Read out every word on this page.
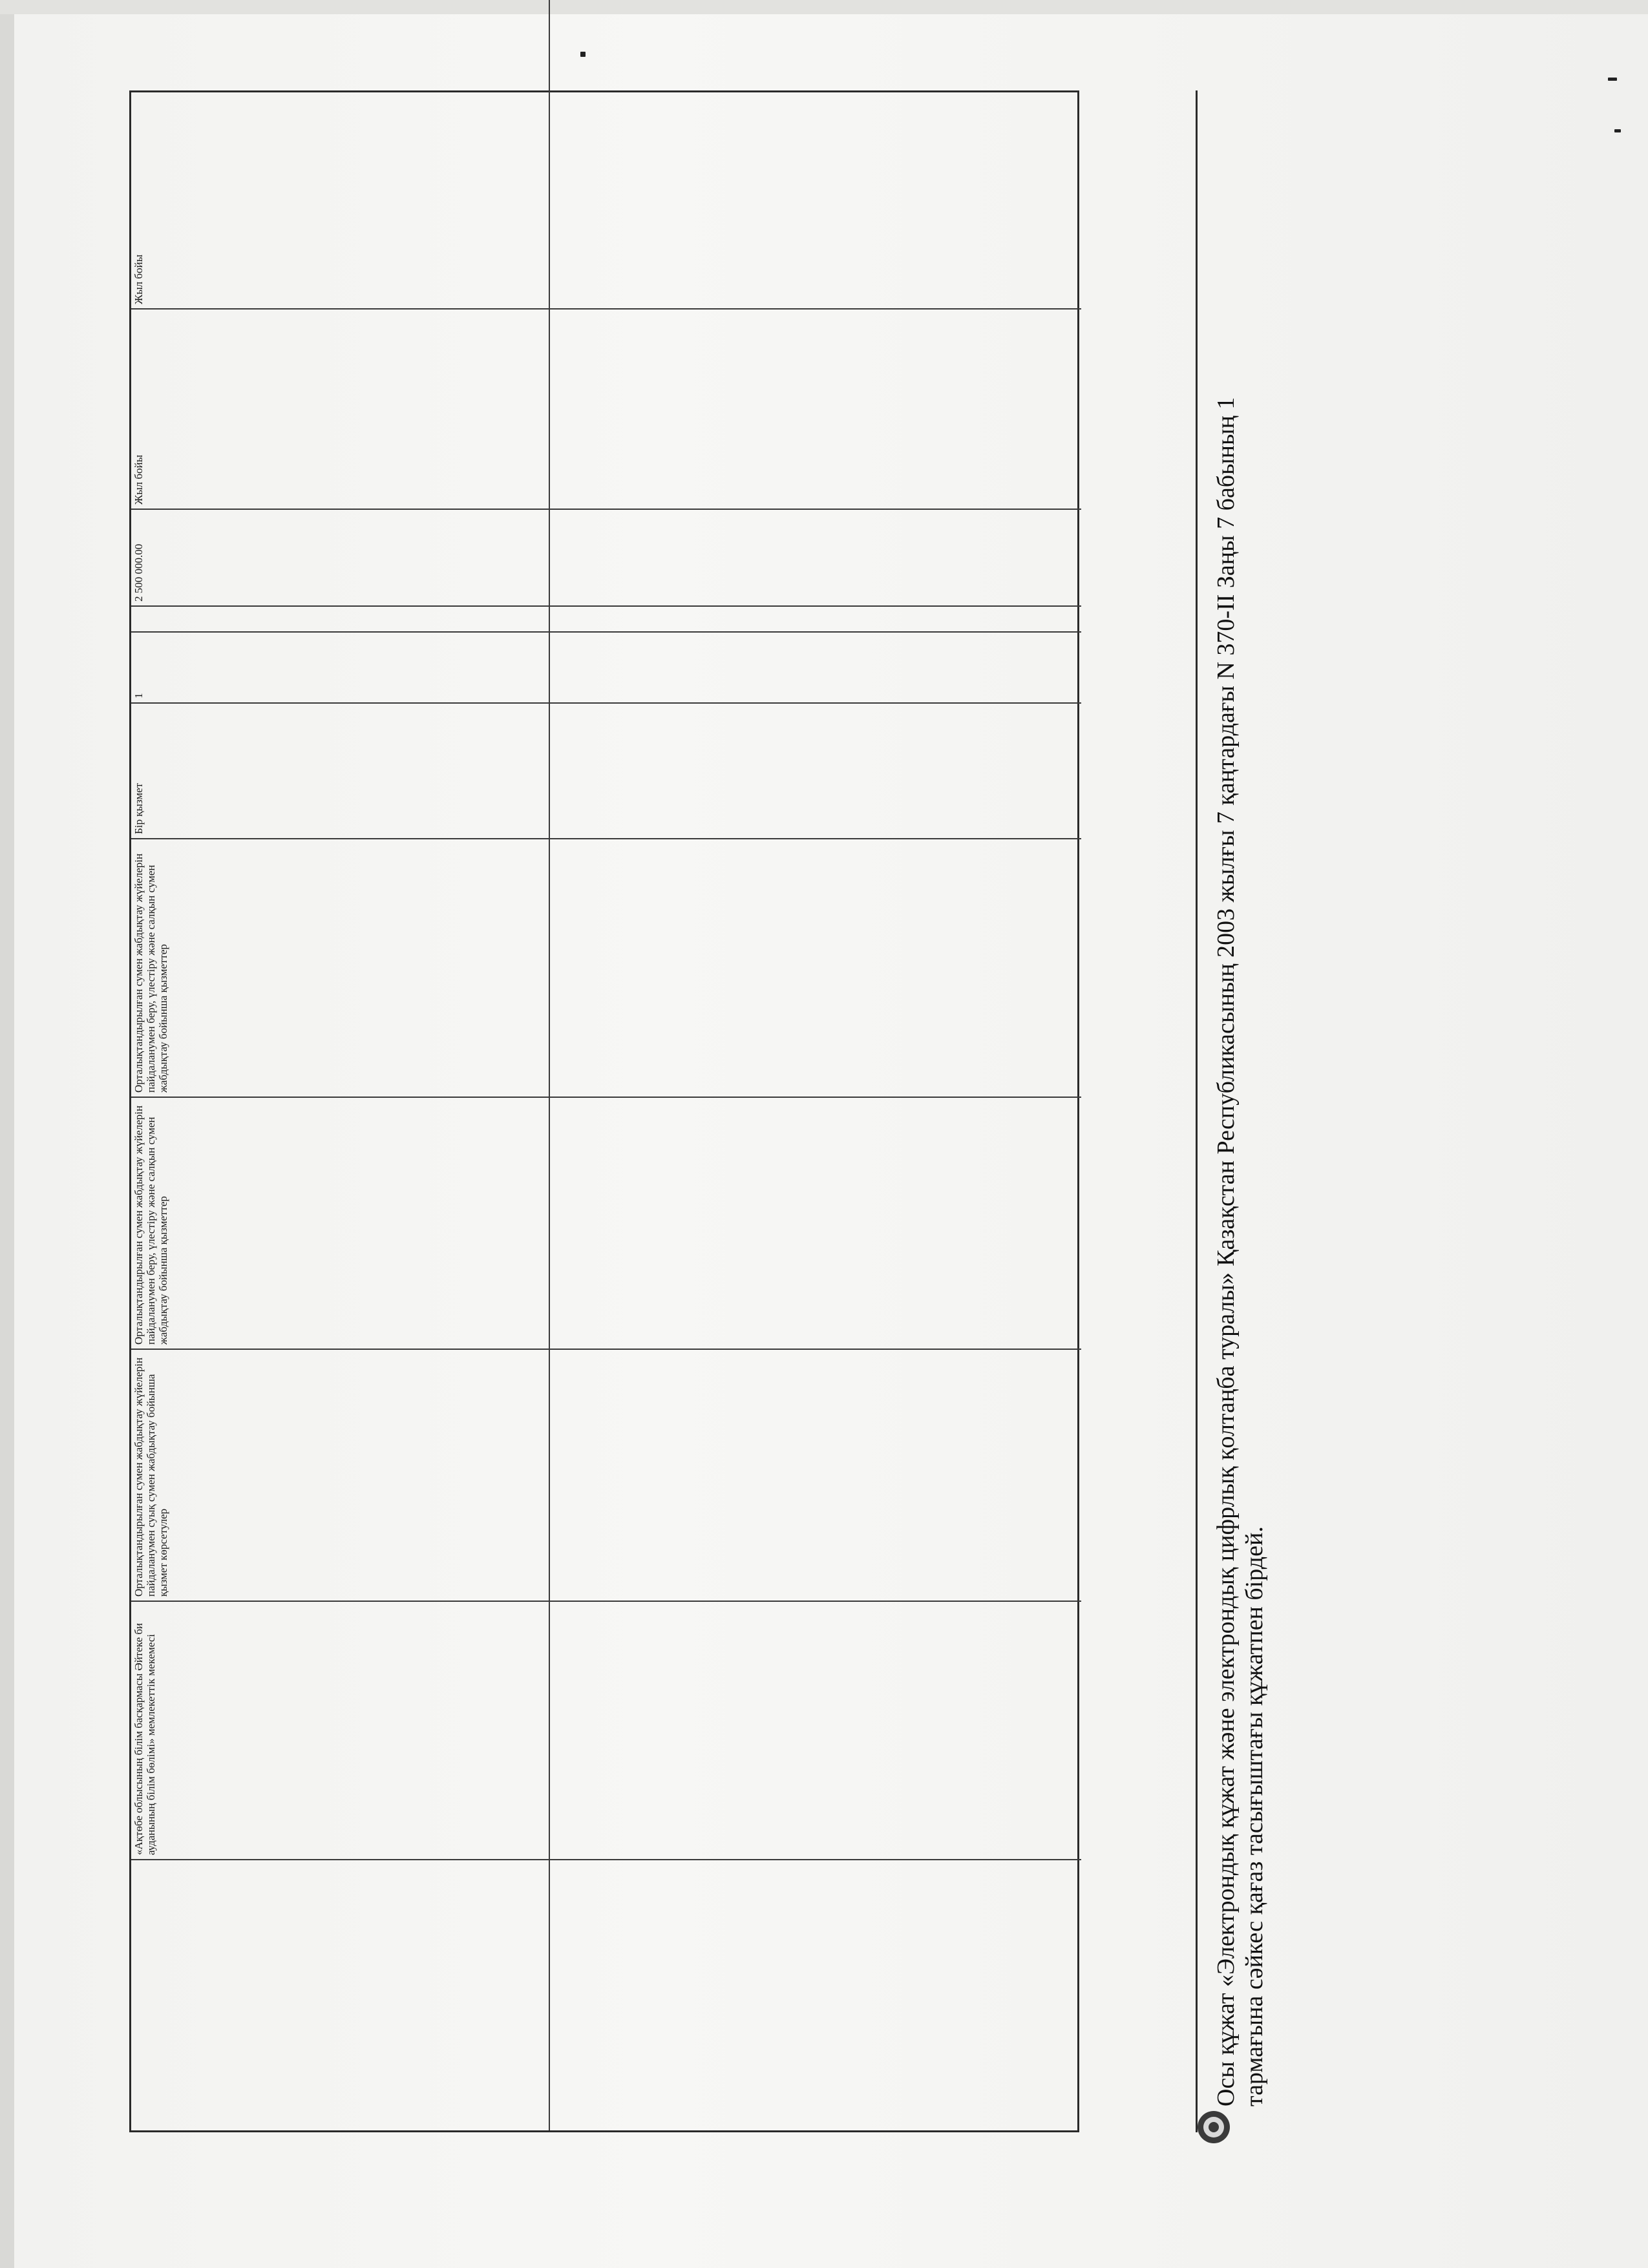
«Ақтөбе облысының білім басқармасы Әйтеке би ауданының білім бөлімі» мемлекеттік мекемесі
Орталықтандырылған сумен жабдықтау жүйелерін пайдаланумен суық сумен жабдықтау бойынша қызмет көрсетулер
Орталықтандырылған сумен жабдықтау жүйелерін пайдаланумен беру, үлестіру және салқын сумен жабдықтау бойынша қызметтер
Орталықтандырылған сумен жабдықтау жүйелерін пайдаланумен беру, үлестіру және салқын сумен жабдықтау бойынша қызметтер
Бір қызмет
1
2 500 000.00
Жыл бойы
Жыл бойы

Осы құжат «Электрондық құжат және электрондық цифрлық қолтаңба туралы» Қазақстан Республикасының 2003 жылғы 7 қаңтардағы N 370-II Заңы 7 бабының 1 тармағына сәйкес қағаз тасығыштағы құжатпен бірдей.
